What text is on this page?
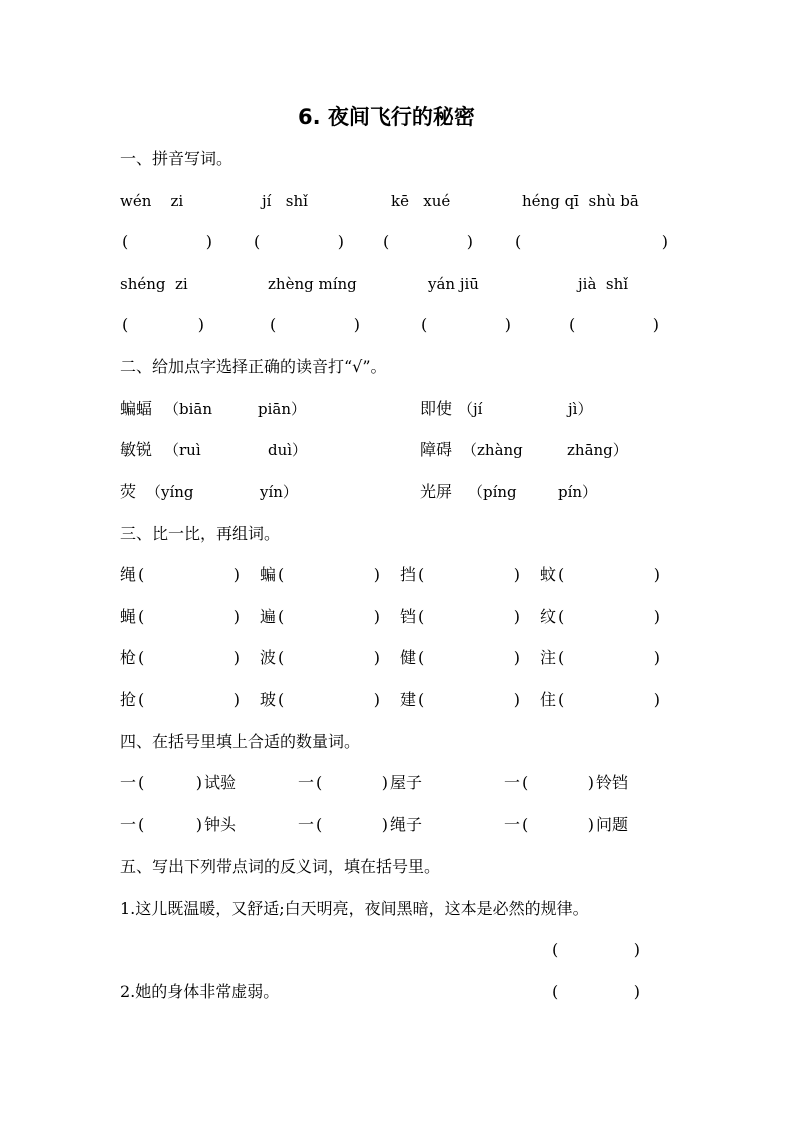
6. 夜间飞行的秘密
一、拼音写词。
wén    zi	jí   shǐ	kē   xué	héng qī  shù bā
(	)	(	) (	)	(	)
shéng  zi	zhèng míng	yán jiū	jià  shǐ
(	)	(	)	(	)	(	)
二、给加点字选择正确的读音打“√”。
蝙蝠 （biān	piān）	即使 （jí	jì）
敏锐 （ruì	duì）	障碍 （zhàng	zhāng）
荧 （yíng	yín）	光屏 （píng	pín）
三、比一比，再组词。
绳 (	) 蝙 (	) 挡 (	) 蚊 (	)
蝇 (	) 遍 (	) 铛 (	) 纹 (	)
枪 (	) 波 (	) 健 (	) 注 (	)
抢 (	) 玻 (	) 建 (	) 住 (	)
四、在括号里填上合适的数量词。
一 (	) 试验	一 (	) 屋子	一 (	) 铃铛
一 (	) 钟头	一 (	) 绳子	一 (	) 问题
五、写出下列带点词的反义词，填在括号里。
1.这儿既温暖，又舒适;白天明亮，夜间黑暗，这本是必然的规律。
(	)
2.她的身体非常虚弱。	(	)
